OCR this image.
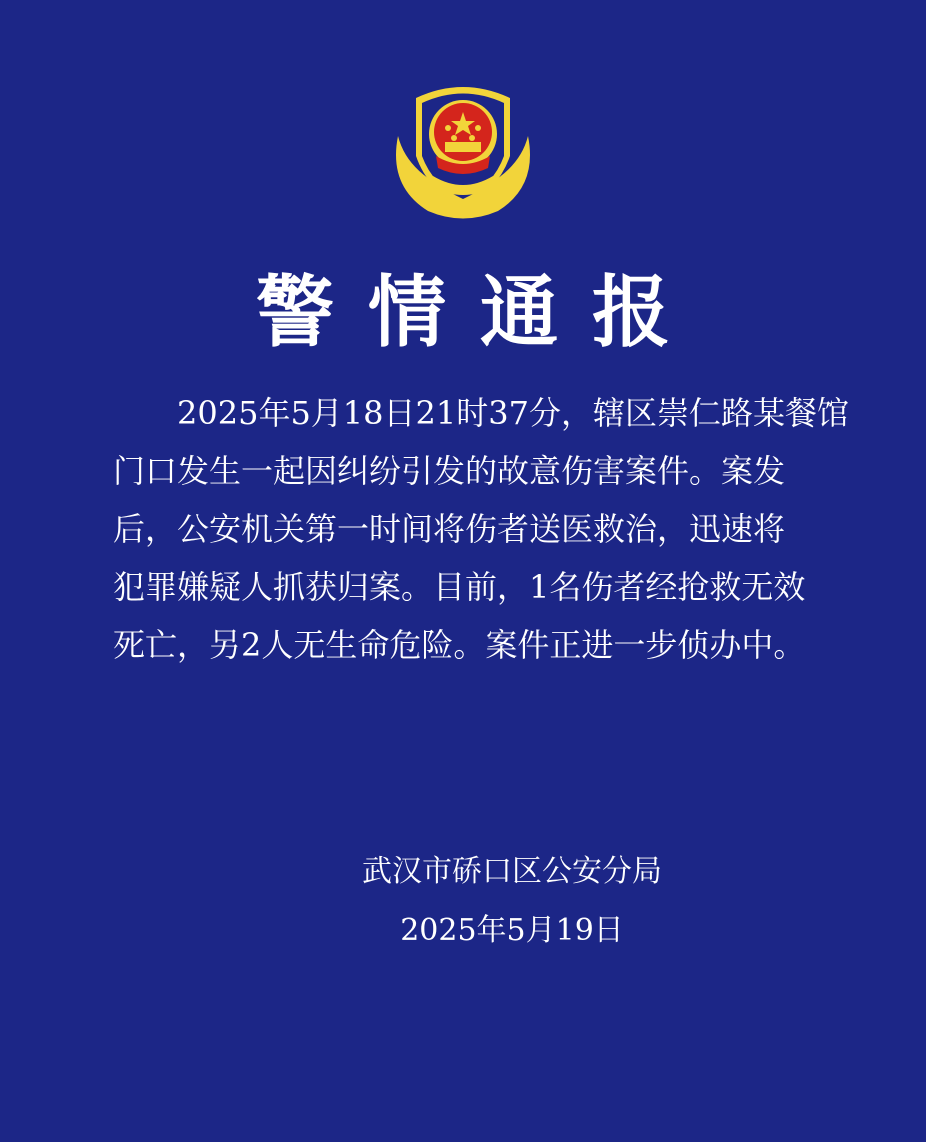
警情通报
2025年5月18日21时37分，辖区崇仁路某餐馆
门口发生一起因纠纷引发的故意伤害案件。案发
后，公安机关第一时间将伤者送医救治，迅速将
犯罪嫌疑人抓获归案。目前，1名伤者经抢救无效
死亡，另2人无生命危险。案件正进一步侦办中。
武汉市硚口区公安分局
2025年5月19日
